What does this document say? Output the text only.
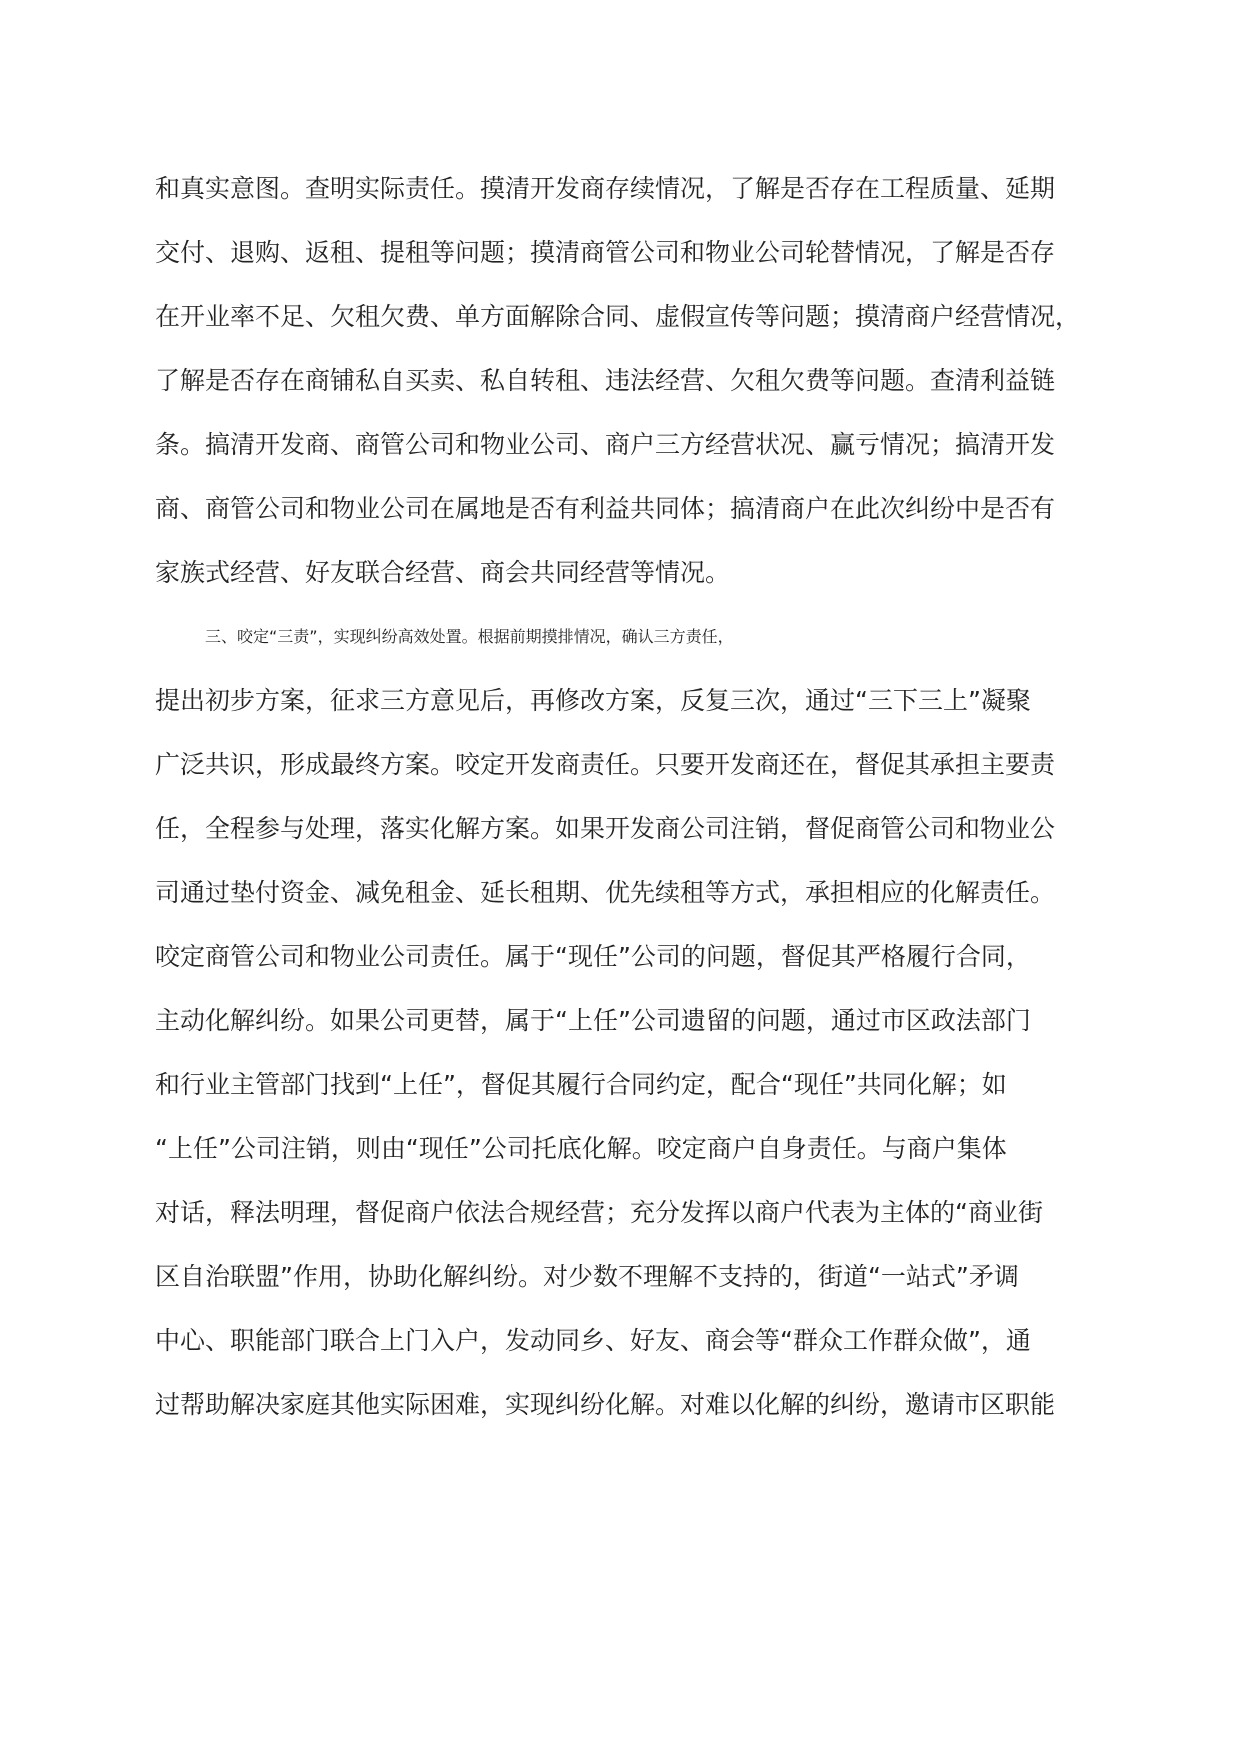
和真实意图。查明实际责任。摸清开发商存续情况，了解是否存在工程质量、延期
交付、退购、返租、提租等问题；摸清商管公司和物业公司轮替情况，了解是否存
在开业率不足、欠租欠费、单方面解除合同、虚假宣传等问题；摸清商户经营情况，
了解是否存在商铺私自买卖、私自转租、违法经营、欠租欠费等问题。查清利益链
条。搞清开发商、商管公司和物业公司、商户三方经营状况、赢亏情况；搞清开发
商、商管公司和物业公司在属地是否有利益共同体；搞清商户在此次纠纷中是否有
家族式经营、好友联合经营、商会共同经营等情况。
三、咬定“三责”，实现纠纷高效处置。根据前期摸排情况，确认三方责任，
提出初步方案，征求三方意见后，再修改方案，反复三次，通过“三下三上”凝聚
广泛共识，形成最终方案。咬定开发商责任。只要开发商还在，督促其承担主要责
任，全程参与处理，落实化解方案。如果开发商公司注销，督促商管公司和物业公
司通过垫付资金、减免租金、延长租期、优先续租等方式，承担相应的化解责任。
咬定商管公司和物业公司责任。属于“现任”公司的问题，督促其严格履行合同，
主动化解纠纷。如果公司更替，属于“上任”公司遗留的问题，通过市区政法部门
和行业主管部门找到“上任”，督促其履行合同约定，配合“现任”共同化解；如
“上任”公司注销，则由“现任”公司托底化解。咬定商户自身责任。与商户集体
对话，释法明理，督促商户依法合规经营；充分发挥以商户代表为主体的“商业街
区自治联盟”作用，协助化解纠纷。对少数不理解不支持的，街道“一站式”矛调
中心、职能部门联合上门入户，发动同乡、好友、商会等“群众工作群众做”，通
过帮助解决家庭其他实际困难，实现纠纷化解。对难以化解的纠纷，邀请市区职能
